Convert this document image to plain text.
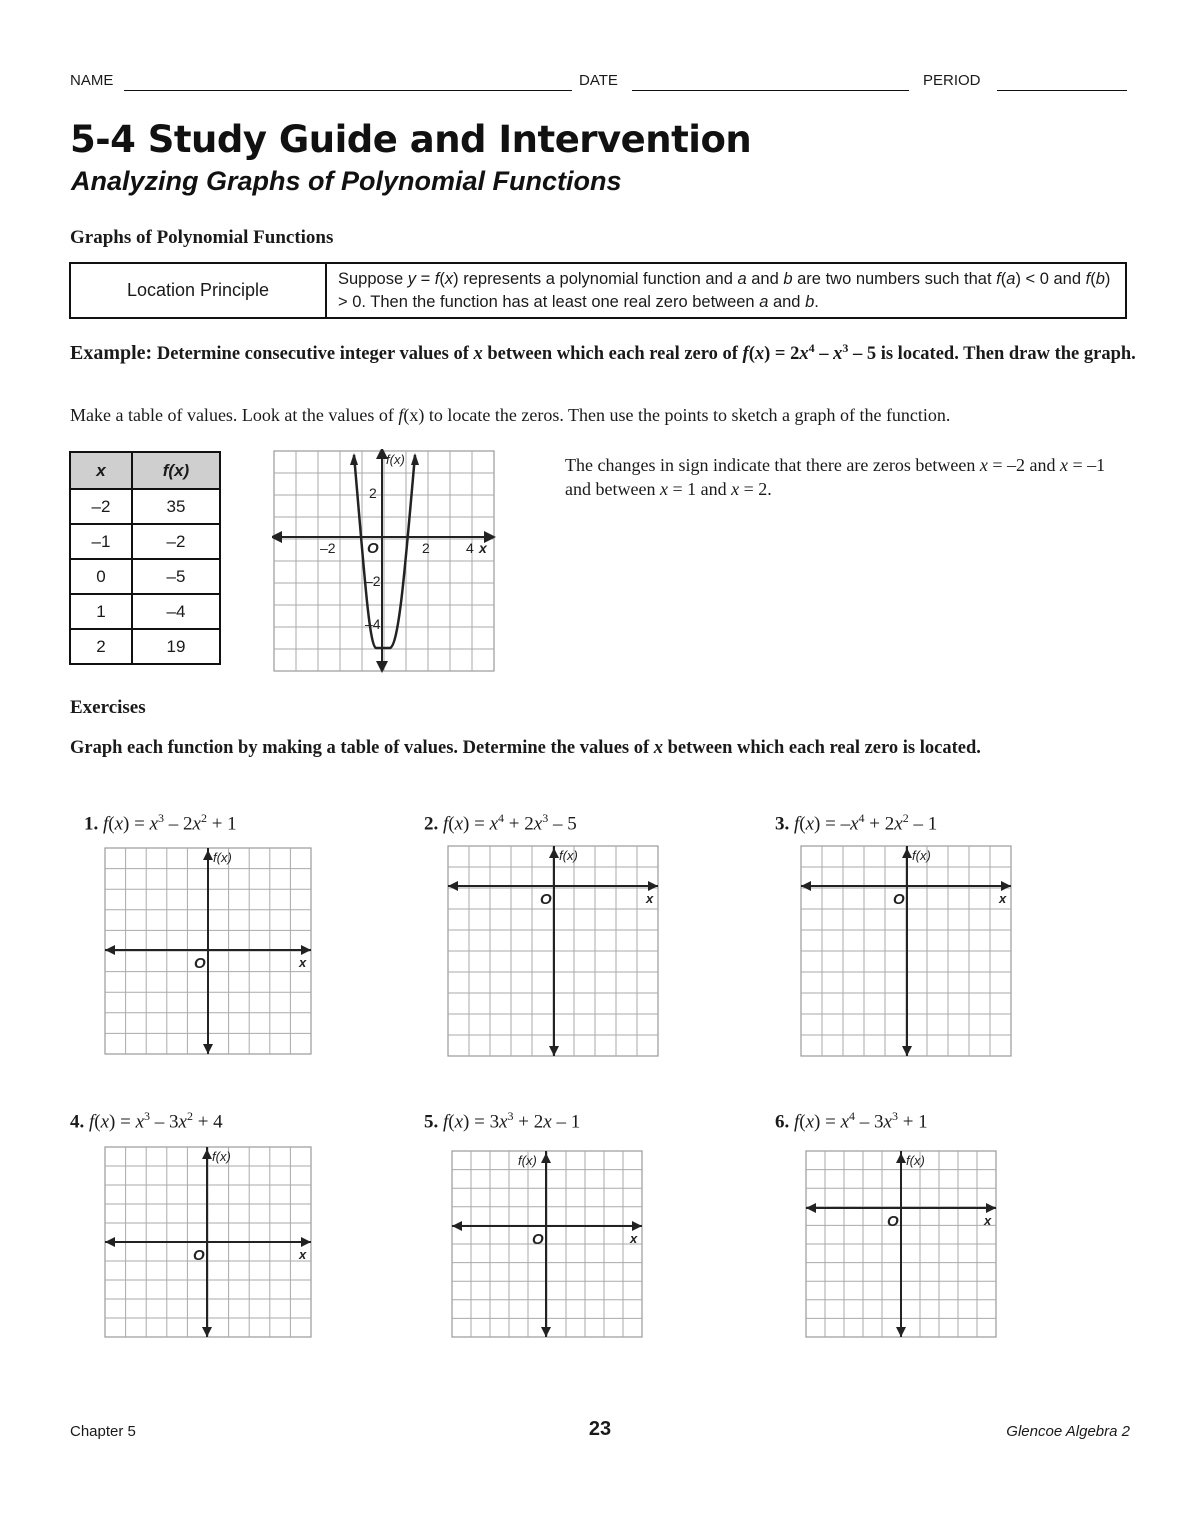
NAME	DATE	PERIOD
5-4 Study Guide and Intervention
Analyzing Graphs of Polynomial Functions
Graphs of Polynomial Functions
Location Principle
Suppose y = f(x) represents a polynomial function and a and b are two numbers such that f(a) < 0 and f(b) > 0. Then the function has at least one real zero between a and b.
Example: Determine consecutive integer values of x between which each real zero of $f(x) = 2x^4 - x^3 - 5$ is located. Then draw the graph.
Make a table of values. Look at the values of f(x) to locate the zeros. Then use the points to sketch a graph of the function.
x	f(x)
–2	35
–1	–2
0	–5
1	–4
2	19
f(x)
x
O
–2	2	4
2
–2
–4
The changes in sign indicate that there are zeros between x = –2 and x = –1 and between x = 1 and x = 2.
Exercises
Graph each function by making a table of values. Determine the values of x between which each real zero is located.
1. $f(x) = x^3 - 2x^2 + 1$	2. $f(x) = x^4 + 2x^3 - 5$	3. $f(x) = -x^4 + 2x^2 - 1$
4. $f(x) = x^3 - 3x^2 + 4$	5. $f(x) = 3x^3 + 2x - 1$	6. $f(x) = x^4 - 3x^3 + 1$
f(x)
x
O
f(x)
x
O
f(x)
x
O
f(x)
x
O
f(x)
x
O
f(x)
x
O
Chapter 5	23	Glencoe Algebra 2
